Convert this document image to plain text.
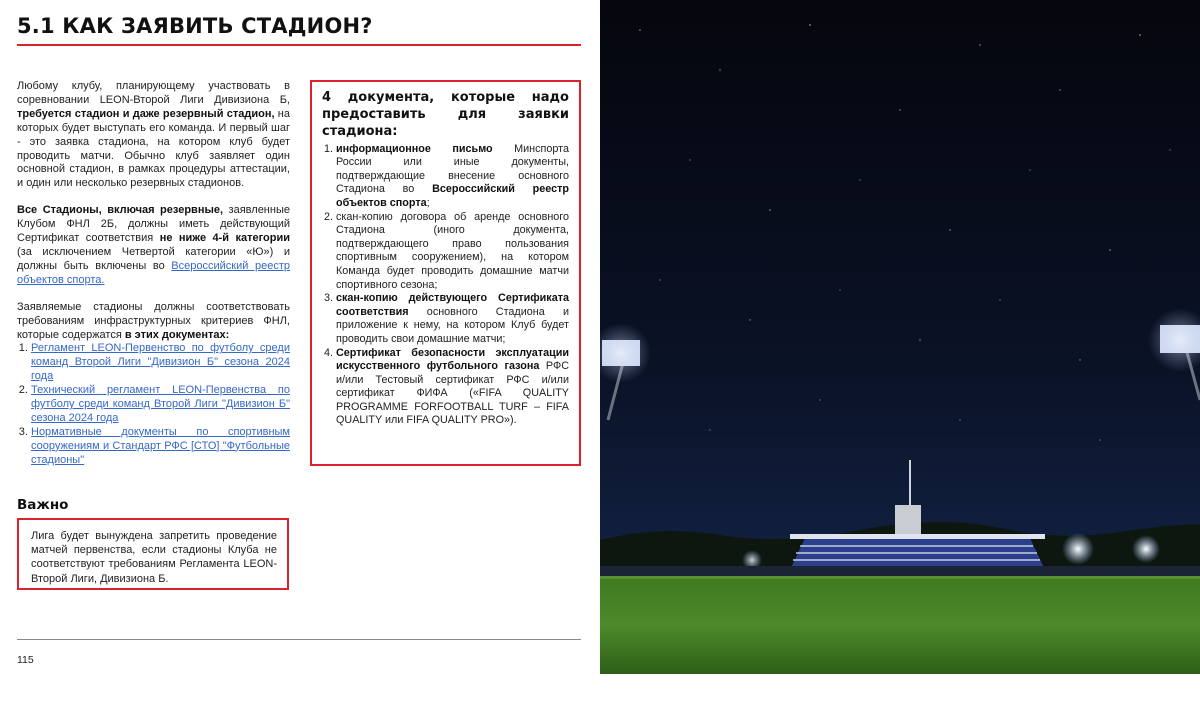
5.1 КАК ЗАЯВИТЬ СТАДИОН?

Любому клубу, планирующему участвовать в соревновании LEON-Второй Лиги Дивизиона Б, требуется стадион и даже резервный стадион, на которых будет выступать его команда. И первый шаг - это заявка стадиона, на котором клуб будет проводить матчи. Обычно клуб заявляет один основной стадион, в рамках процедуры аттестации, и один или несколько резервных стадионов.

Все Стадионы, включая резервные, заявленные Клубом ФНЛ 2Б, должны иметь действующий Сертификат соответствия не ниже 4-й категории (за исключением Четвертой категории «Ю») и должны быть включены во Всероссийский реестр объектов спорта.

Заявляемые стадионы должны соответствовать требованиям инфраструктурных критериев ФНЛ, которые содержатся в этих документах:

1. Регламент LEON-Первенство по футболу среди команд Второй Лиги "Дивизион Б" сезона 2024 года
2. Технический регламент LEON-Первенства по футболу среди команд Второй Лиги "Дивизион Б" сезона 2024 года
3. Нормативные документы по спортивным сооружениям и Стандарт РФС [СТО] "Футбольные стадионы"
Важно
Лига будет вынуждена запретить проведение матчей первенства, если стадионы Клуба не соответствуют требованиям Регламента LEON-Второй Лиги, Дивизиона Б.
4 документа, которые надо предоставить для заявки стадиона:
1. информационное письмо Минспорта России или иные документы, подтверждающие внесение основного Стадиона во Всероссийский реестр объектов спорта;
2. скан-копию договора об аренде основного Стадиона (иного документа, подтверждающего право пользования спортивным сооружением), на котором Команда будет проводить домашние матчи спортивного сезона;
3. скан-копию действующего Сертификата соответствия основного Стадиона и приложение к нему, на котором Клуб будет проводить свои домашние матчи;
4. Сертификат безопасности эксплуатации искусственного футбольного газона РФС и/или Тестовый сертификат РФС и/или сертификат ФИФА («FIFA QUALITY PROGRAMME FORFOOTBALL TURF – FIFA QUALITY или FIFA QUALITY PRO»).
115
